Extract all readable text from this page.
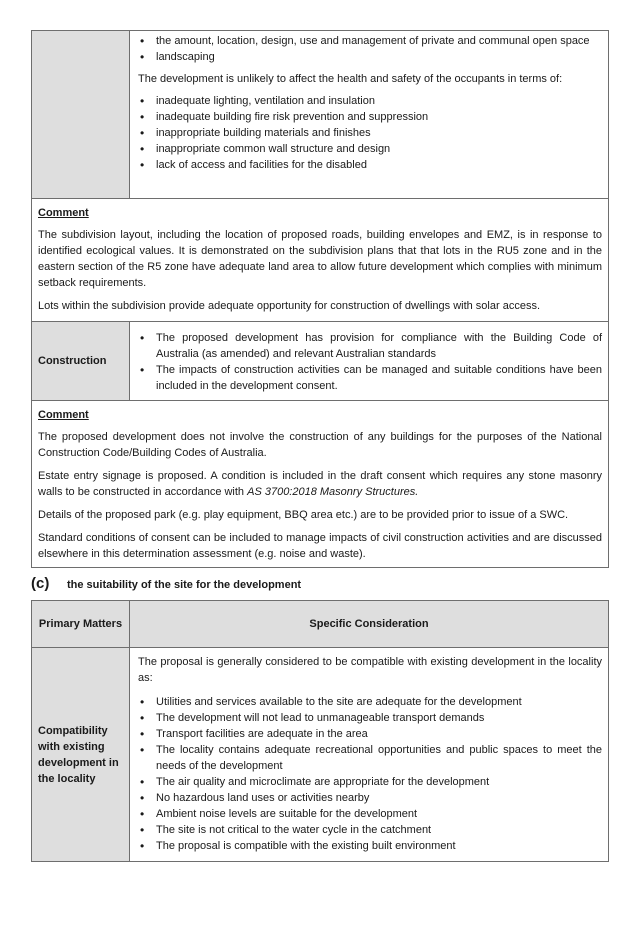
• the amount, location, design, use and management of private and communal open space
• landscaping

The development is unlikely to affect the health and safety of the occupants in terms of:

• inadequate lighting, ventilation and insulation
• inadequate building fire risk prevention and suppression
• inappropriate building materials and finishes
• inappropriate common wall structure and design
• lack of access and facilities for the disabled
Comment

The subdivision layout, including the location of proposed roads, building envelopes and EMZ, is in response to identified ecological values. It is demonstrated on the subdivision plans that that lots in the RU5 zone and in the eastern section of the R5 zone have adequate land area to allow future development which complies with minimum setback requirements.

Lots within the subdivision provide adequate opportunity for construction of dwellings with solar access.

Construction
• The proposed development has provision for compliance with the Building Code of Australia (as amended) and relevant Australian standards
• The impacts of construction activities can be managed and suitable conditions have been included in the development consent.
Comment

The proposed development does not involve the construction of any buildings for the purposes of the National Construction Code/Building Codes of Australia.

Estate entry signage is proposed. A condition is included in the draft consent which requires any stone masonry walls to be constructed in accordance with AS 3700:2018 Masonry Structures.

Details of the proposed park (e.g. play equipment, BBQ area etc.) are to be provided prior to issue of a SWC.

Standard conditions of consent can be included to manage impacts of civil construction activities and are discussed elsewhere in this determination assessment (e.g. noise and waste).

(c)	the suitability of the site for the development
Primary Matters	Specific Consideration
Compatibility with existing development in the locality

The proposal is generally considered to be compatible with existing development in the locality as:

• Utilities and services available to the site are adequate for the development
• The development will not lead to unmanageable transport demands
• Transport facilities are adequate in the area
• The locality contains adequate recreational opportunities and public spaces to meet the needs of the development
• The air quality and microclimate are appropriate for the development
• No hazardous land uses or activities nearby
• Ambient noise levels are suitable for the development
• The site is not critical to the water cycle in the catchment
• The proposal is compatible with the existing built environment
